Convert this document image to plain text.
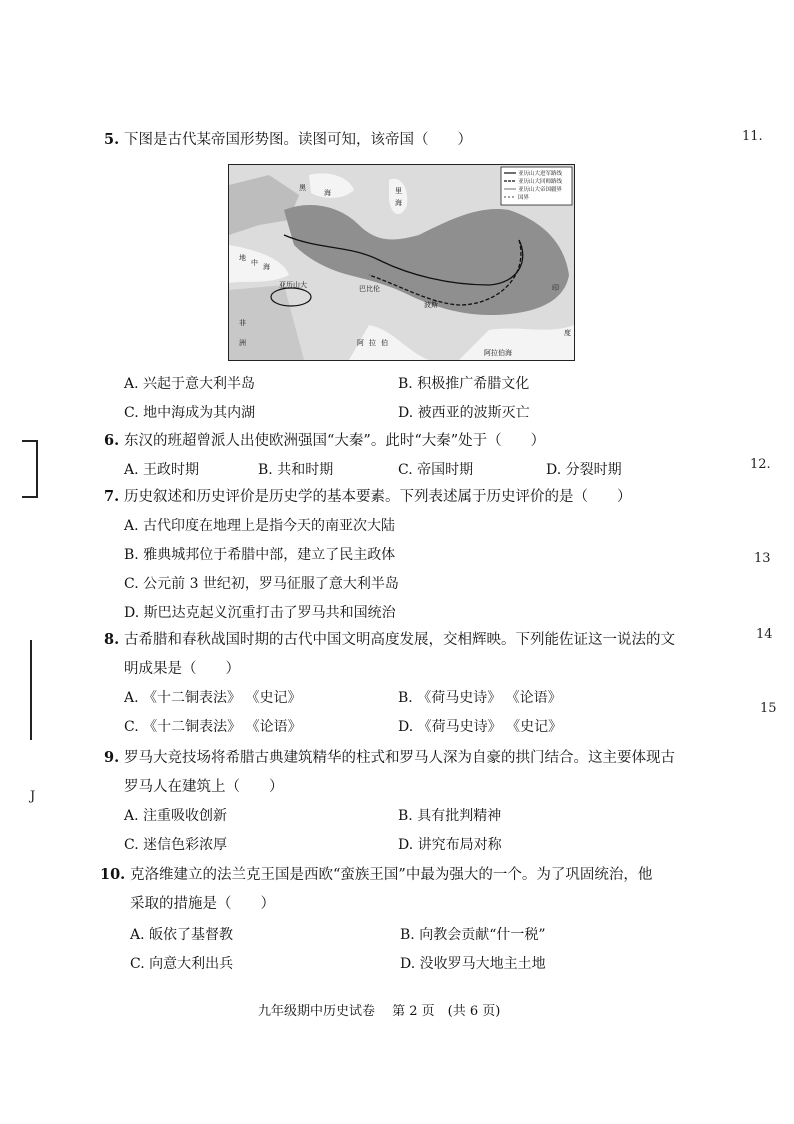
11.
12.
13
14
15
J
5. 下图是古代某帝国形势图。读图可知，该帝国（　　）
黑
海	里
海
地
中 海
亚历山大	巴比伦	印
度
阿 拉 伯
阿拉伯海
非
洲
波斯
亚历山大进军路线
亚历山大回师路线
亚历山大帝国疆界
国界
A. 兴起于意大利半岛	B. 积极推广希腊文化
C. 地中海成为其内湖	D. 被西亚的波斯灭亡
6. 东汉的班超曾派人出使欧洲强国“大秦”。此时“大秦”处于（　　）
A. 王政时期	B. 共和时期	C. 帝国时期	D. 分裂时期
7. 历史叙述和历史评价是历史学的基本要素。下列表述属于历史评价的是（　　）
A. 古代印度在地理上是指今天的南亚次大陆
B. 雅典城邦位于希腊中部，建立了民主政体
C. 公元前 3 世纪初，罗马征服了意大利半岛
D. 斯巴达克起义沉重打击了罗马共和国统治
8. 古希腊和春秋战国时期的古代中国文明高度发展，交相辉映。下列能佐证这一说法的文
明成果是（　　）
A. 《十二铜表法》 《史记》	B. 《荷马史诗》 《论语》
C. 《十二铜表法》 《论语》	D. 《荷马史诗》 《史记》
9. 罗马大竞技场将希腊古典建筑精华的柱式和罗马人深为自豪的拱门结合。这主要体现古
罗马人在建筑上（　　）
A. 注重吸收创新	B. 具有批判精神
C. 迷信色彩浓厚	D. 讲究布局对称
10. 克洛维建立的法兰克王国是西欧“蛮族王国”中最为强大的一个。为了巩固统治，他
采取的措施是（　　）
A. 皈依了基督教	B. 向教会贡献“什一税”
C. 向意大利出兵	D. 没收罗马大地主土地
九年级期中历史试卷　 第 2 页　(共 6 页)
